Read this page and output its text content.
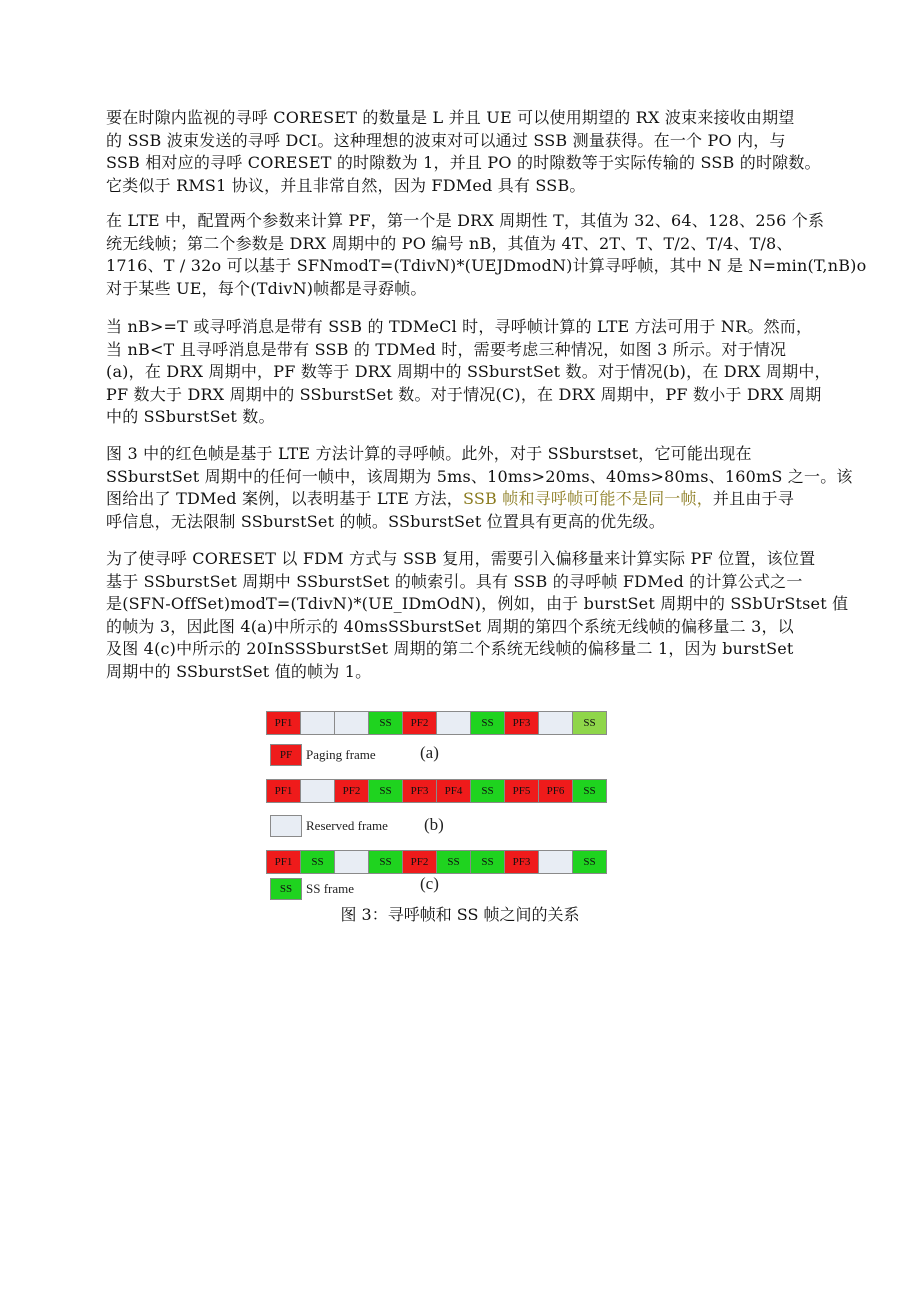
要在时隙内监视的寻呼 CORESET 的数量是 L 并且 UE 可以使用期望的 RX 波束来接收由期望
的 SSB 波束发送的寻呼 DCI。这种理想的波束对可以通过 SSB 测量获得。在一个 PO 内，与
SSB 相对应的寻呼 CORESET 的时隙数为 1，并且 PO 的时隙数等于实际传输的 SSB 的时隙数。
它类似于 RMS1 协议，并且非常自然，因为 FDMed 具有 SSB。
在 LTE 中，配置两个参数来计算 PF，第一个是 DRX 周期性 T，其值为 32、64、128、256 个系
统无线帧；第二个参数是 DRX 周期中的 PO 编号 nB，其值为 4T、2T、T、T/2、T/4、T/8、
1716、T / 32o 可以基于 SFNmodT=(TdivN)*(UEJDmodN)计算寻呼帧，其中 N 是 N=min(T,nB)o
对于某些 UE，每个(TdivN)帧都是寻孬帧。
当 nB>=T 或寻呼消息是带有 SSB 的 TDMeCl 时，寻呼帧计算的 LTE 方法可用于 NR。然而，
当 nB<T 且寻呼消息是带有 SSB 的 TDMed 时，需要考虑三种情况，如图 3 所示。对于情况
(a)，在 DRX 周期中，PF 数等于 DRX 周期中的 SSburstSet 数。对于情况(b)，在 DRX 周期中，
PF 数大于 DRX 周期中的 SSburstSet 数。对于情况(C)，在 DRX 周期中，PF 数小于 DRX 周期
中的 SSburstSet 数。
图 3 中的红色帧是基于 LTE 方法计算的寻呼帧。此外，对于 SSburstset，它可能出现在
SSburstSet 周期中的任何一帧中，该周期为 5ms、10ms>20ms、40ms>80ms、160mS 之一。该
图给出了 TDMed 案例，以表明基于 LTE 方法，SSB 帧和寻呼帧可能不是同一帧，并且由于寻
呼信息，无法限制 SSburstSet 的帧。SSburstSet 位置具有更高的优先级。
为了使寻呼 CORESET 以 FDM 方式与 SSB 复用，需要引入偏移量来计算实际 PF 位置，该位置
基于 SSburstSet 周期中 SSburstSet 的帧索引。具有 SSB 的寻呼帧 FDMed 的计算公式之一
是(SFN-OffSet)modT=(TdivN)*(UE_IDmOdN)，例如，由于 burstSet 周期中的 SSbUrStset 值
的帧为 3，因此图 4(a)中所示的 40msSSburstSet 周期的第四个系统无线帧的偏移量二 3，以
及图 4(c)中所示的 20InSSSburstSet 周期的第二个系统无线帧的偏移量二 1，因为 burstSet
周期中的 SSburstSet 值的帧为 1。
PF1	SS	PF2	SS	PF3	SS
PF	Paging frame	(a)
PF1	PF2	SS	PF3	PF4	SS	PF5	PF6	SS
Reserved frame (b)
PF1	SS	SS	PF2	SS	SS	PF3	SS
SS	SS frame	(c)
图 3：寻呼帧和 SS 帧之间的关系
